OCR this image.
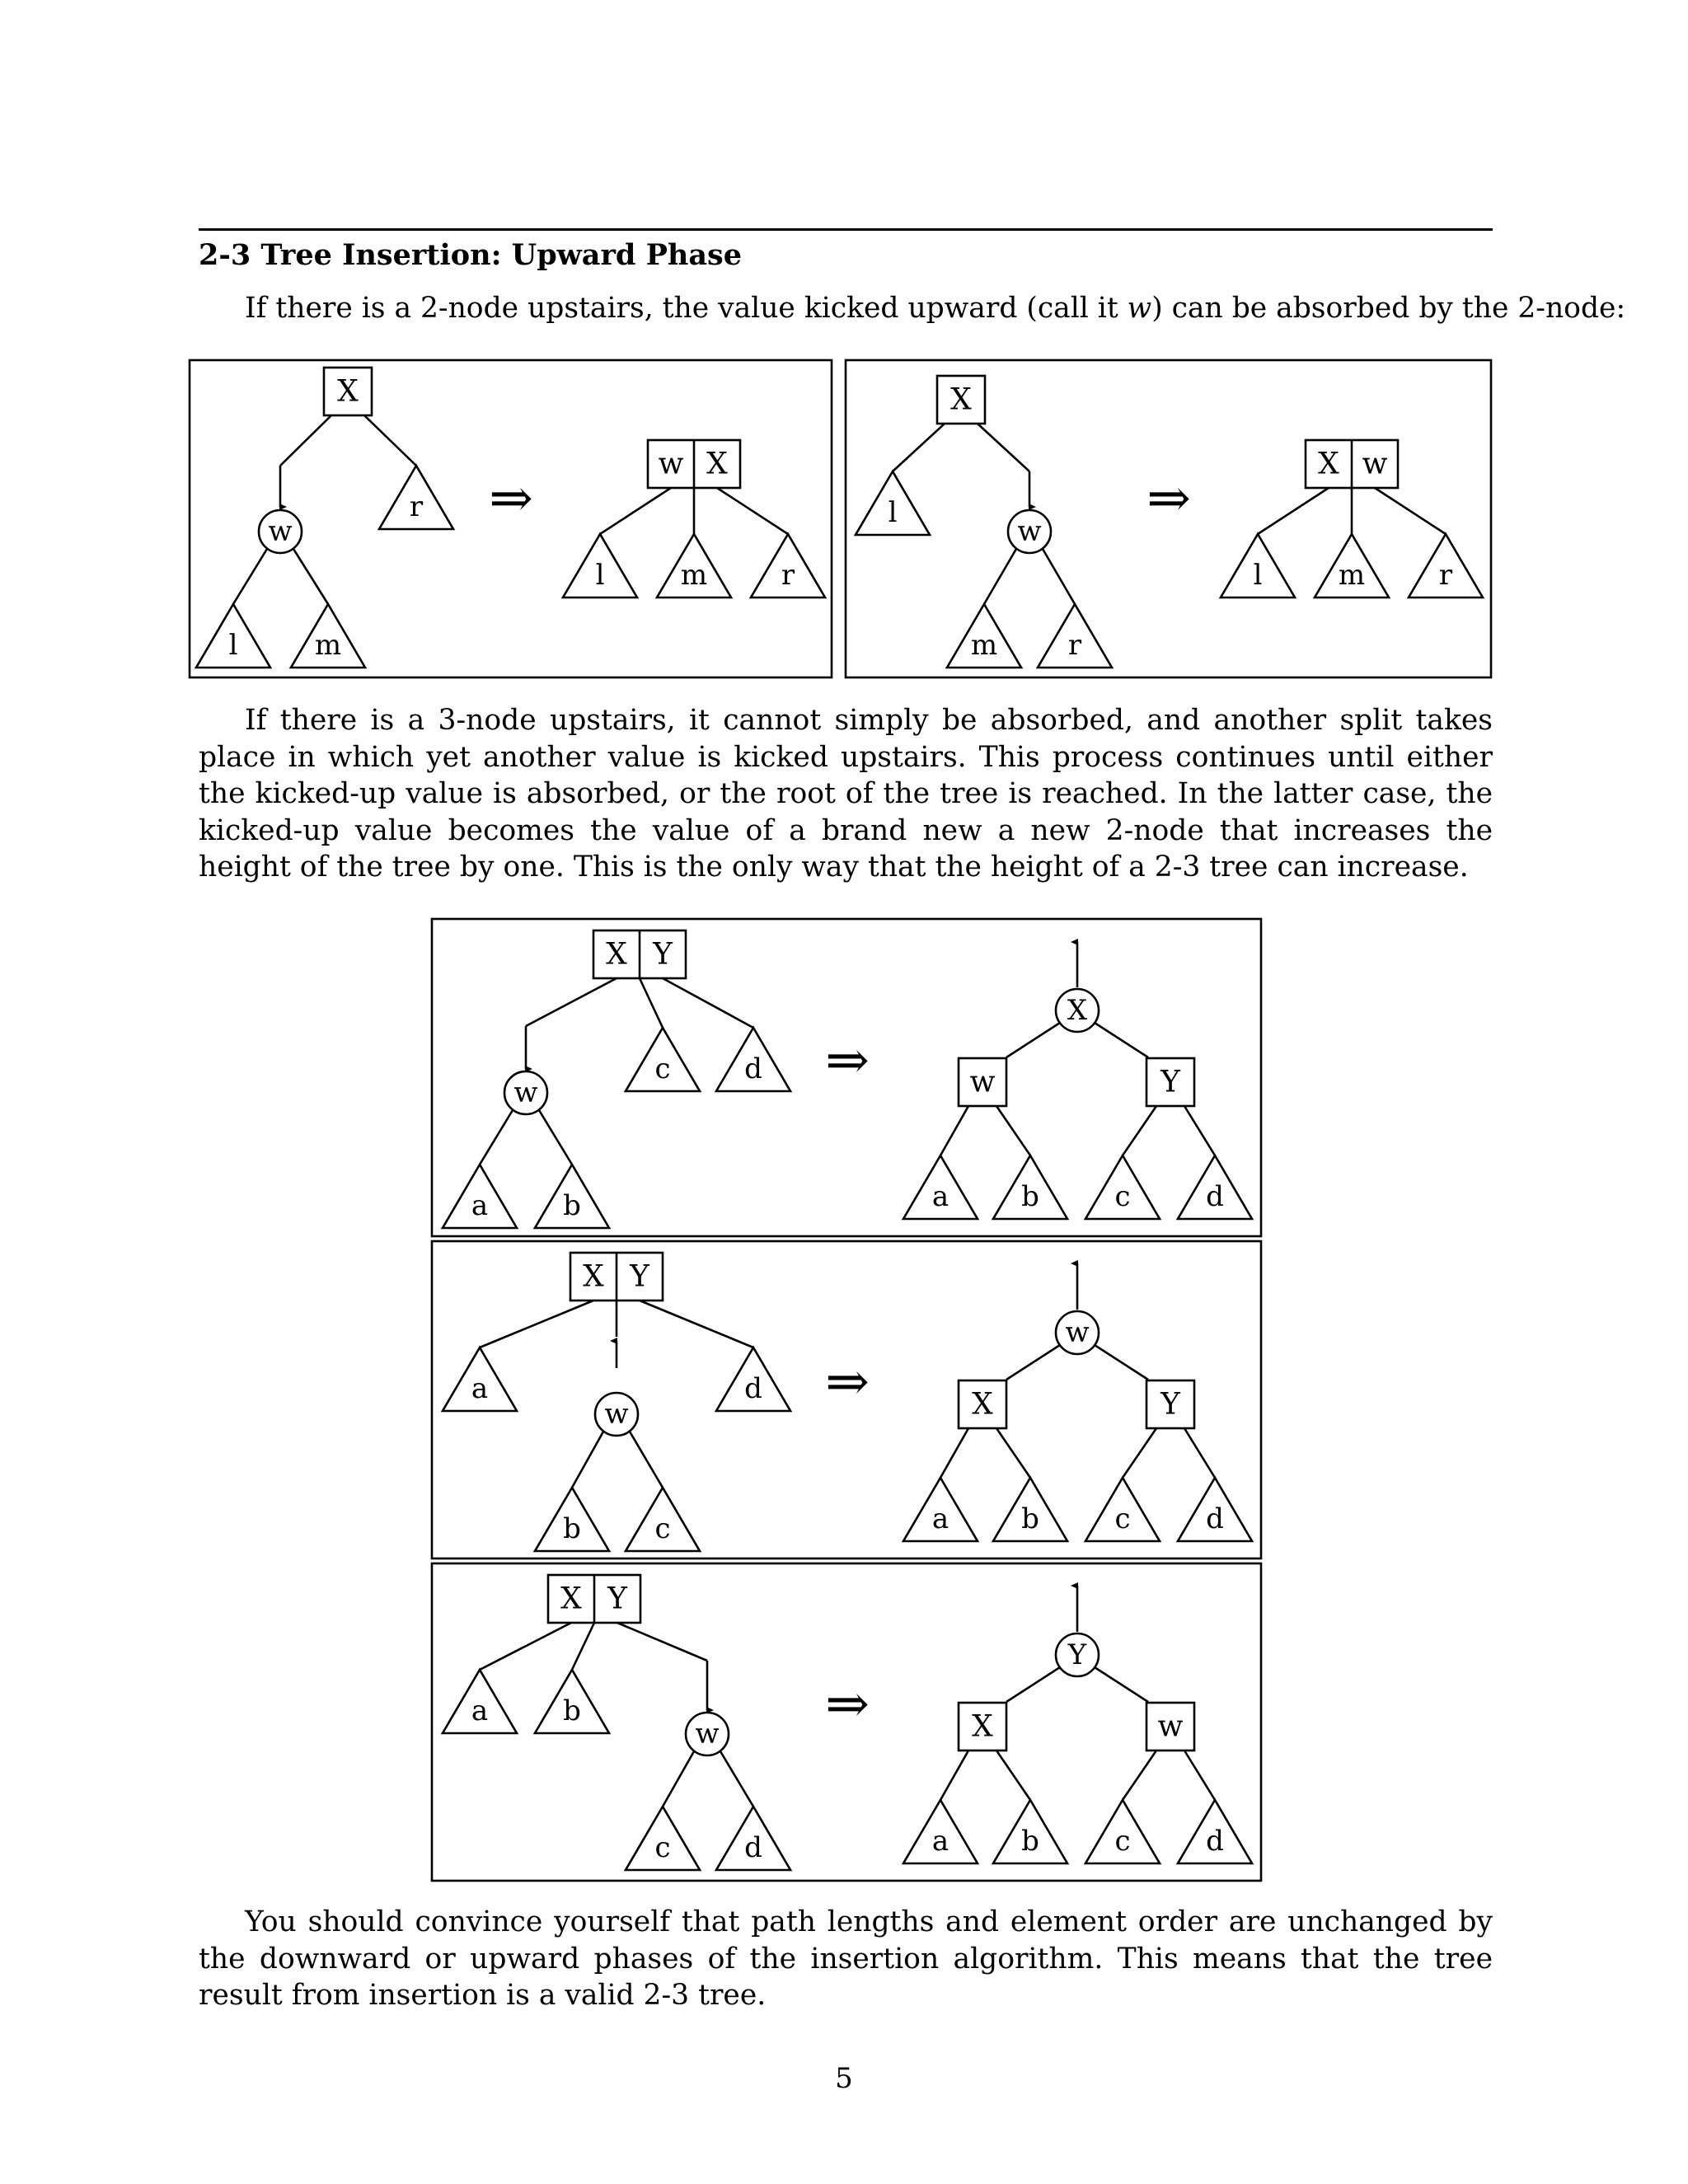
2-3 Tree Insertion: Upward Phase
If there is a 2-node upstairs, the value kicked upward (call it w) can be absorbed by the 2-node:
If there is a 3-node upstairs, it cannot simply be absorbed, and another split takes place in which yet another value is kicked upstairs. This process continues until either the kicked-up value is absorbed, or the root of the tree is reached. In the latter case, the kicked-up value becomes the value of a brand new a new 2-node that increases the height of the tree by one. This is the only way that the height of a 2-3 tree can increase.
You should convince yourself that path lengths and element order are unchanged by the downward or upward phases of the insertion algorithm. This means that the tree result from insertion is a valid 2-3 tree.
5
X
r
w
l	m
⇒
w X
l	m	r
X
l
w
m	r
⇒
X w
l	m	r
X Y
c	d
w
a	b
⇒
X
w	Y
a	b	c	d
X Y
a	d
w
b	c
⇒
w
X	Y
a	b	c	d
X Y
a	b
w
c	d
⇒
Y
X	w
a	b	c	d
